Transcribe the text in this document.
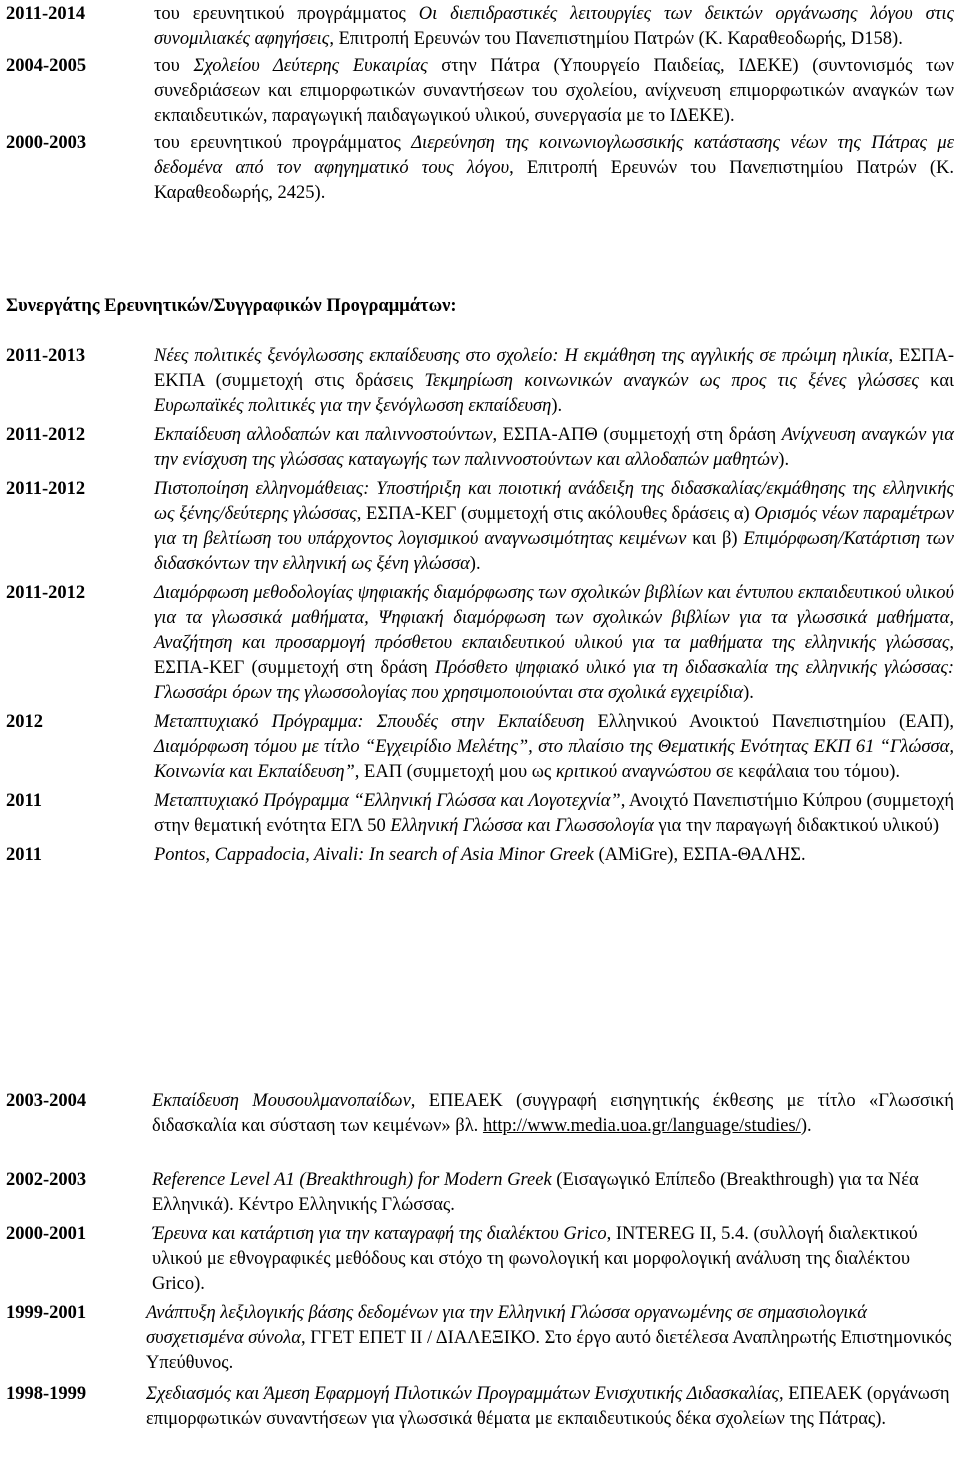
2011-2014	του ερευνητικού προγράμματος Οι διεπιδραστικές λειτουργίες των δεικτών οργάνωσης λόγου στις συνομιλιακές αφηγήσεις, Επιτροπή Ερευνών του Πανεπιστημίου Πατρών (Κ. Καραθεοδωρής, D158).
2004-2005	του Σχολείου Δεύτερης Ευκαιρίας στην Πάτρα (Υπουργείο Παιδείας, ΙΔΕΚΕ) (συντονισμός των συνεδριάσεων και επιμορφωτικών συναντήσεων του σχολείου, ανίχνευση επιμορφωτικών αναγκών των εκπαιδευτικών, παραγωγική παιδαγωγικού υλικού, συνεργασία με το ΙΔΕΚΕ).
2000-2003	του ερευνητικού προγράμματος Διερεύνηση της κοινωνιογλωσσικής κατάστασης νέων της Πάτρας με δεδομένα από τον αφηγηματικό τους λόγου, Επιτροπή Ερευνών του Πανεπιστημίου Πατρών (Κ. Καραθεοδωρής, 2425).
Συνεργάτης Ερευνητικών/Συγγραφικών Προγραμμάτων:
2011-2013	Νέες πολιτικές ξενόγλωσσης εκπαίδευσης στο σχολείο: Η εκμάθηση της αγγλικής σε πρώιμη ηλικία, ΕΣΠΑ-ΕΚΠΑ (συμμετοχή στις δράσεις Τεκμηρίωση κοινωνικών αναγκών ως προς τις ξένες γλώσσες και Ευρωπαϊκές πολιτικές για την ξενόγλωσση εκπαίδευση).
2011-2012	Εκπαίδευση αλλοδαπών και παλιννοστούντων, ΕΣΠΑ-ΑΠΘ (συμμετοχή στη δράση Ανίχνευση αναγκών για την ενίσχυση της γλώσσας καταγωγής των παλιννοστούντων και αλλοδαπών μαθητών).
2011-2012	Πιστοποίηση ελληνομάθειας: Υποστήριξη και ποιοτική ανάδειξη της διδασκαλίας/εκμάθησης της ελληνικής ως ξένης/δεύτερης γλώσσας, ΕΣΠΑ-ΚΕΓ (συμμετοχή στις ακόλουθες δράσεις α) Ορισμός νέων παραμέτρων για τη βελτίωση του υπάρχοντος λογισμικού αναγνωσιμότητας κειμένων και β) Επιμόρφωση/Κατάρτιση των διδασκόντων την ελληνική ως ξένη γλώσσα).
2011-2012	Διαμόρφωση μεθοδολογίας ψηφιακής διαμόρφωσης των σχολικών βιβλίων και έντυπου εκπαιδευτικού υλικού για τα γλωσσικά μαθήματα, Ψηφιακή διαμόρφωση των σχολικών βιβλίων για τα γλωσσικά μαθήματα, Αναζήτηση και προσαρμογή πρόσθετου εκπαιδευτικού υλικού για τα μαθήματα της ελληνικής γλώσσας, ΕΣΠΑ-ΚΕΓ (συμμετοχή στη δράση Πρόσθετο ψηφιακό υλικό για τη διδασκαλία της ελληνικής γλώσσας: Γλωσσάρι όρων της γλωσσολογίας που χρησιμοποιούνται στα σχολικά εγχειρίδια).
2012	Μεταπτυχιακό Πρόγραμμα: Σπουδές στην Εκπαίδευση Ελληνικού Ανοικτού Πανεπιστημίου (ΕΑΠ), Διαμόρφωση τόμου με τίτλο “Εγχειρίδιο Μελέτης”, στο πλαίσιο της Θεματικής Ενότητας ΕΚΠ 61 “Γλώσσα, Κοινωνία και Εκπαίδευση”, ΕΑΠ (συμμετοχή μου ως κριτικού αναγνώστου σε κεφάλαια του τόμου).
2011	Μεταπτυχιακό Πρόγραμμα “Ελληνική Γλώσσα και Λογοτεχνία”, Ανοιχτό Πανεπιστήμιο Κύπρου (συμμετοχή στην θεματική ενότητα ΕΓΛ 50 Ελληνική Γλώσσα και Γλωσσολογία για την παραγωγή διδακτικού υλικού)
2011	Pontos, Cappadocia, Aivali: In search of Asia Minor Greek (AMiGre), ΕΣΠΑ-ΘΑΛΗΣ.
2003-2004	Εκπαίδευση Μουσουλμανοπαίδων, ΕΠΕΑΕΚ (συγγραφή εισηγητικής έκθεσης με τίτλο «Γλωσσική διδασκαλία και σύσταση των κειμένων» βλ. http://www.media.uoa.gr/language/studies/).
2002-2003	Reference Level A1 (Breakthrough) for Modern Greek (Εισαγωγικό Επίπεδο (Breakthrough) για τα Νέα Ελληνικά). Κέντρο Ελληνικής Γλώσσας.
2000-2001	Έρευνα και κατάρτιση για την καταγραφή της διαλέκτου Grico, INTEREG II, 5.4. (συλλογή διαλεκτικού υλικού με εθνογραφικές μεθόδους και στόχο τη φωνολογική και μορφολογική ανάλυση της διαλέκτου Grico).
1999-2001	Ανάπτυξη λεξιλογικής βάσης δεδομένων για την Ελληνική Γλώσσα οργανωμένης σε σημασιολογικά συσχετισμένα σύνολα, ΓΓΕΤ ΕΠΕΤ ΙΙ / ΔΙΑΛΕΞΙΚΟ. Στο έργο αυτό διετέλεσα Αναπληρωτής Επιστημονικός Υπεύθυνος.
1998-1999	Σχεδιασμός και Άμεση Εφαρμογή Πιλοτικών Προγραμμάτων Ενισχυτικής Διδασκαλίας, ΕΠΕΑΕΚ (οργάνωση επιμορφωτικών συναντήσεων για γλωσσικά θέματα με εκπαιδευτικούς δέκα σχολείων της Πάτρας).
